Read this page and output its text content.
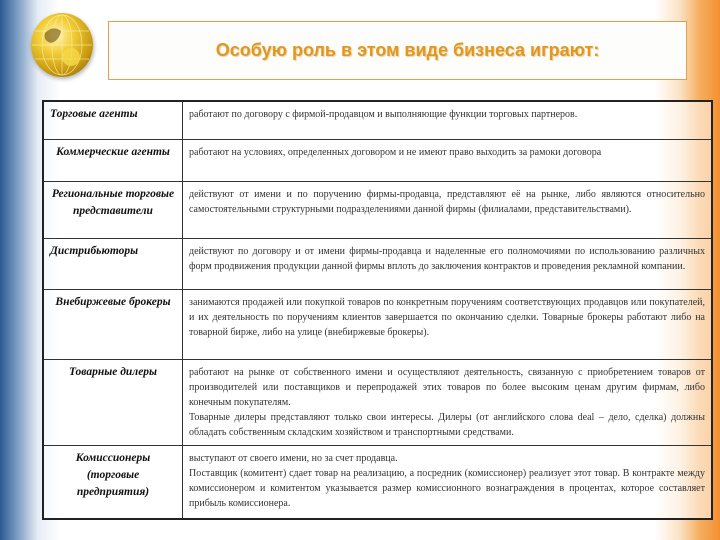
Особую роль в этом виде бизнеса играют:
Торговые агенты	работают по договору с фирмой-продавцом и выполняющие функции торговых партнеров.

Коммерческие агенты	работают на условиях, определенных договором и не имеют право выходить за рамоки договора

Региональные торговые представители	действуют от имени и по поручению фирмы-продавца, представляют её на рынке, либо являются относительно самостоятельными структурными подразделениями данной фирмы (филиалами, представительствами).

Дистрибьюторы	действуют по договору и от имени фирмы-продавца и наделенные его полномочиями по использованию различных форм продвижения продукции данной фирмы вплоть до заключения контрактов и проведения рекламной компании.

Внебиржевые брокеры	занимаются продажей или покупкой товаров по конкретным поручениям соответствующих продавцов или покупателей, и их деятельность по поручениям клиентов завершается по окончанию сделки. Товарные брокеры работают либо на товарной бирже, либо на улице (внебиржевые брокеры).

Товарные дилеры	работают на рынке от собственного имени и осуществляют деятельность, связанную с приобретением товаров от производителей или поставщиков и перепродажей этих товаров по более высоким ценам другим фирмам, либо конечным покупателям.
Товарные дилеры представляют только свои интересы. Дилеры (от английского слова deal – дело, сделка) должны обладать собственным складским хозяйством и транспортными средствами.

Комиссионеры (торговые предприятия)	выступают от своего имени, но за счет продавца.
Поставщик (комитент) сдает товар на реализацию, а посредник (комиссионер) реализует этот товар. В контракте между комиссионером и комитентом указывается размер комиссионного вознаграждения в процентах, которое составляет прибыль комиссионера.
